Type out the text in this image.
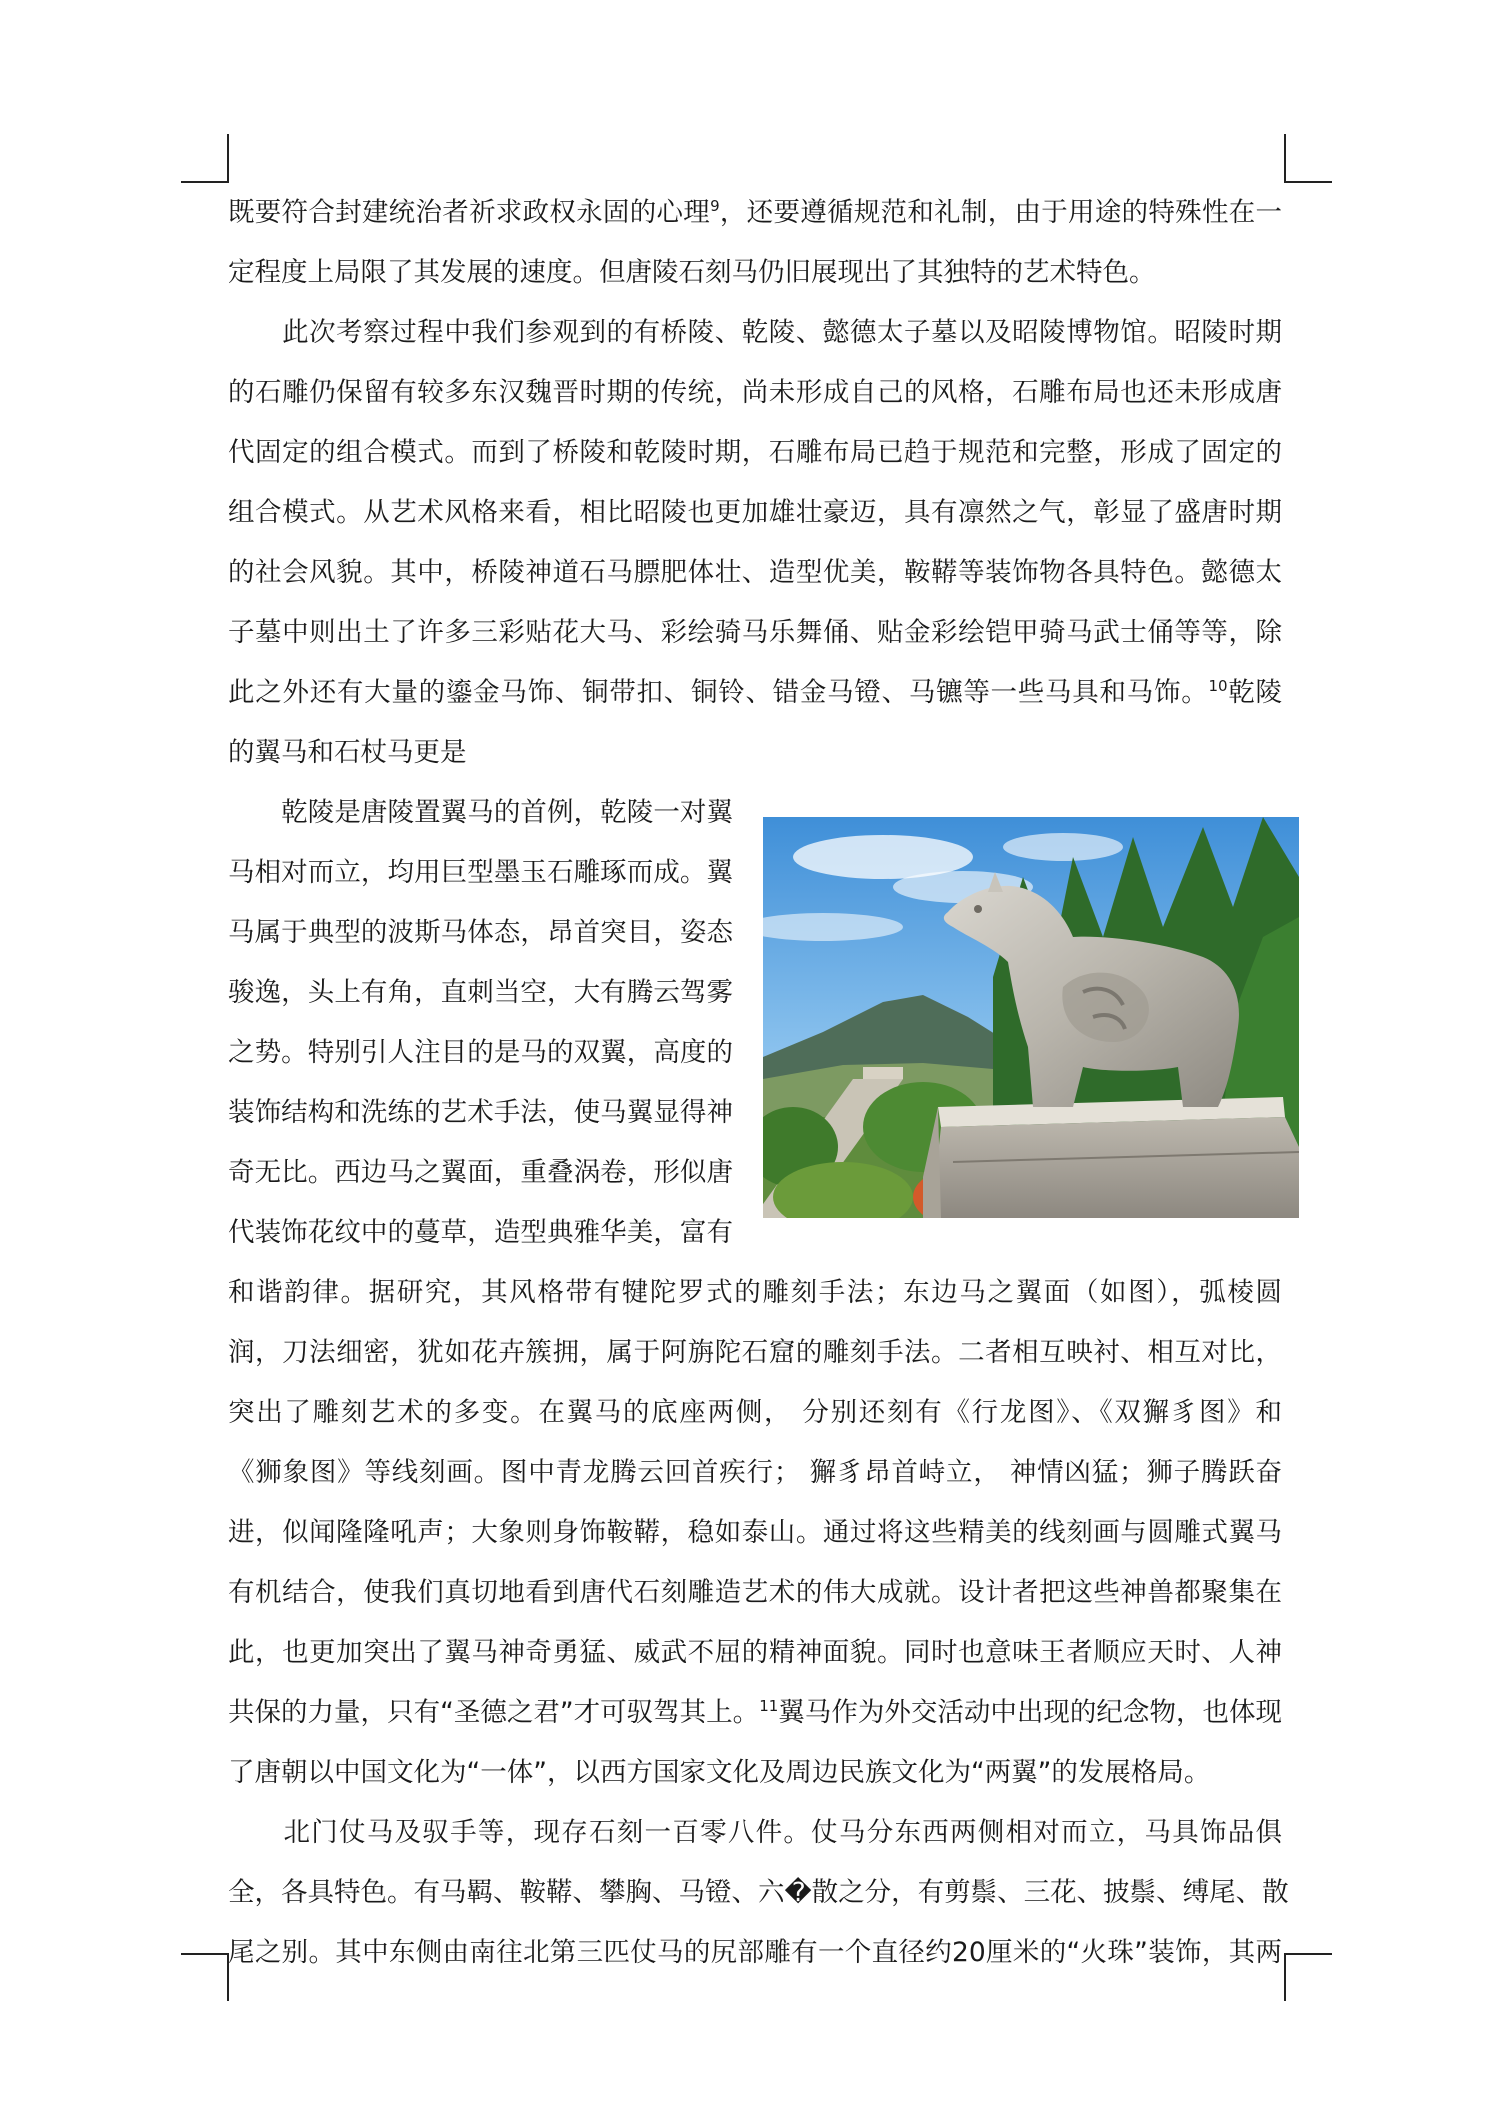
既要符合封建统治者祈求政权永固的心理$^9$，还要遵循规范和礼制，由于用途的特殊性在一
定程度上局限了其发展的速度。但唐陵石刻马仍旧展现出了其独特的艺术特色。
　　此次考察过程中我们参观到的有桥陵、乾陵、懿德太子墓以及昭陵博物馆。昭陵时期
的石雕仍保留有较多东汉魏晋时期的传统，尚未形成自己的风格，石雕布局也还未形成唐
代固定的组合模式。而到了桥陵和乾陵时期，石雕布局已趋于规范和完整，形成了固定的
组合模式。从艺术风格来看，相比昭陵也更加雄壮豪迈，具有凛然之气，彰显了盛唐时期
的社会风貌。其中，桥陵神道石马膘肥体壮、造型优美，鞍鞯等装饰物各具特色。懿德太
子墓中则出土了许多三彩贴花大马、彩绘骑马乐舞俑、贴金彩绘铠甲骑马武士俑等等，除
此之外还有大量的鎏金马饰、铜带扣、铜铃、错金马镫、马镳等一些马具和马饰。$^{10}$乾陵
的翼马和石杖马更是
　　乾陵是唐陵置翼马的首例，乾陵一对翼
马相对而立，均用巨型墨玉石雕琢而成。翼
马属于典型的波斯马体态，昂首突目，姿态
骏逸，头上有角，直刺当空，大有腾云驾雾
之势。特别引人注目的是马的双翼，高度的
装饰结构和洗练的艺术手法，使马翼显得神
奇无比。西边马之翼面，重叠涡卷，形似唐
代装饰花纹中的蔓草，造型典雅华美，富有
和谐韵律。据研究，其风格带有犍陀罗式的雕刻手法；东边马之翼面（如图），弧棱圆
润，刀法细密，犹如花卉簇拥，属于阿旃陀石窟的雕刻手法。二者相互映衬、相互对比，
突出了雕刻艺术的多变。在翼马的底座两侧， 分别还刻有《行龙图》、《双獬豸图》和
《狮象图》等线刻画。图中青龙腾云回首疾行； 獬豸昂首峙立， 神情凶猛；狮子腾跃奋
进，似闻隆隆吼声；大象则身饰鞍鞯，稳如泰山。通过将这些精美的线刻画与圆雕式翼马
有机结合，使我们真切地看到唐代石刻雕造艺术的伟大成就。设计者把这些神兽都聚集在
此，也更加突出了翼马神奇勇猛、威武不屈的精神面貌。同时也意味王者顺应天时、人神
共保的力量，只有“圣德之君”才可驭驾其上。$^{11}$翼马作为外交活动中出现的纪念物，也体现
了唐朝以中国文化为“一体”，以西方国家文化及周边民族文化为“两翼”的发展格局。
　　北门仗马及驭手等，现存石刻一百零八件。仗马分东西两侧相对而立，马具饰品俱
全，各具特色。有马羁、鞍鞯、攀胸、马镫、六�散之分，有剪鬃、三花、披鬃、缚尾、散
尾之别。其中东侧由南往北第三匹仗马的尻部雕有一个直径约20厘米的“火珠”装饰，其两
